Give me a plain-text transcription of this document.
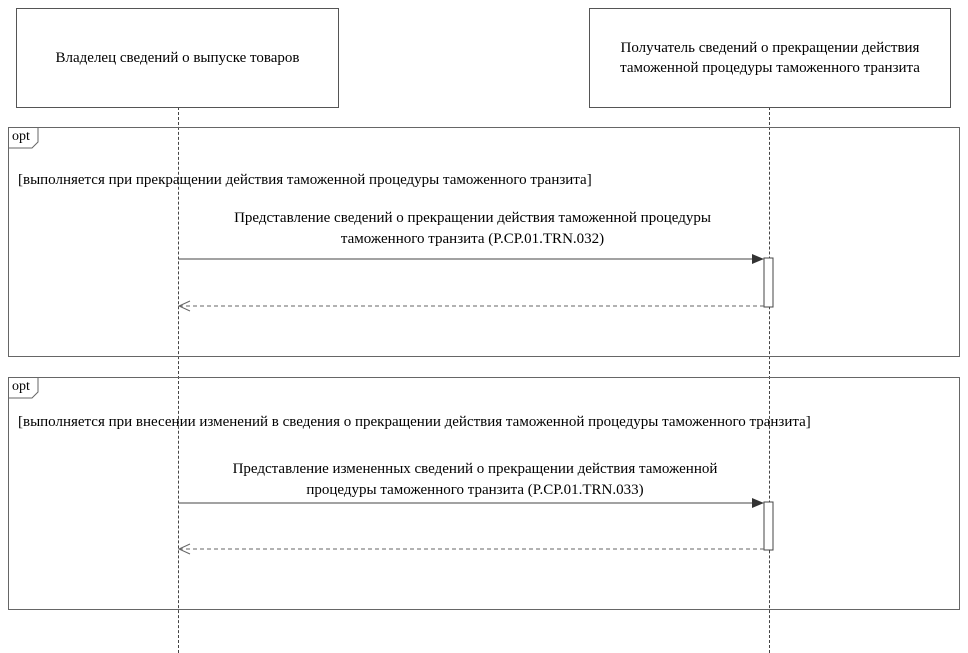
Владелец сведений о выпуске товаров
Получатель сведений о прекращении действия таможенной процедуры таможенного транзита
opt
[выполняется при прекращении действия таможенной процедуры таможенного транзита]
Представление сведений о прекращении действия таможенной процедуры таможенного транзита (P.CP.01.TRN.032)
opt
[выполняется при внесении изменений в сведения о прекращении действия таможенной процедуры таможенного транзита]
Представление измененных сведений о прекращении действия таможенной процедуры таможенного транзита (P.CP.01.TRN.033)
